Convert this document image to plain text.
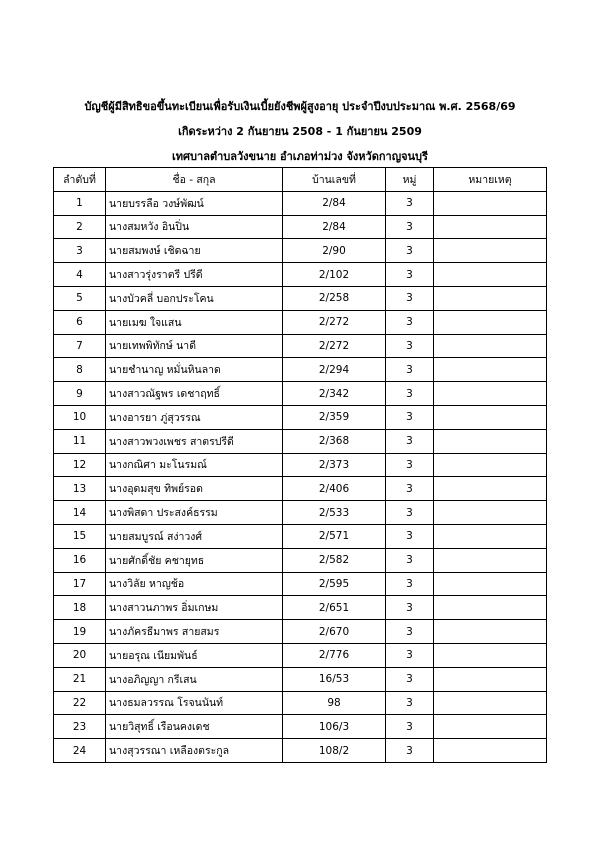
บัญชีผู้มีสิทธิขอขึ้นทะเบียนเพื่อรับเงินเบี้ยยังชีพผู้สูงอายุ ประจำปีงบประมาณ พ.ศ. 2568/69
เกิดระหว่าง 2 กันยายน 2508 - 1 กันยายน 2509
เทศบาลตำบลวังขนาย อำเภอท่าม่วง จังหวัดกาญจนบุรี
ลำดับที่	ชื่อ - สกุล	บ้านเลขที่	หมู่	หมายเหตุ
1	นายบรรลือ วงษ์พัฒน์	2/84	3	
2	นางสมหวัง อินปิ่น	2/84	3	
3	นายสมพงษ์ เชิดฉาย	2/90	3	
4	นางสาวรุ่งราตรี ปรีดี	2/102	3	
5	นางบัวคลี่ บอกประโคน	2/258	3	
6	นายเมฆ ใจแสน	2/272	3	
7	นายเทพพิทักษ์ นาดี	2/272	3	
8	นายชำนาญ หมั่นหินลาด	2/294	3	
9	นางสาวณัฐพร เดชาฤทธิ์	2/342	3	
10	นางอารยา ภู่สุวรรณ	2/359	3	
11	นางสาวพวงเพชร สาตรปรีดี	2/368	3	
12	นางกณิศา มะโนรมณ์	2/373	3	
13	นางอุดมสุข ทิพย์รอด	2/406	3	
14	นางพิสดา ประสงค์ธรรม	2/533	3	
15	นายสมบูรณ์ สง่าวงศ์	2/571	3	
16	นายศักดิ์ชัย คชายุทธ	2/582	3	
17	นางวิลัย หาญช้อ	2/595	3	
18	นางสาวนภาพร อิ่มเกษม	2/651	3	
19	นางภัครธีมาพร สายสมร	2/670	3	
20	นายอรุณ เนียมพันธ์	2/776	3	
21	นางอภิญญา กรีเสน	16/53	3	
22	นางธมลวรรณ โรจนนันท์	98	3	
23	นายวิสุทธิ์ เรือนคงเดช	106/3	3	
24	นางสุวรรณา เหลืองตระกูล	108/2	3	
